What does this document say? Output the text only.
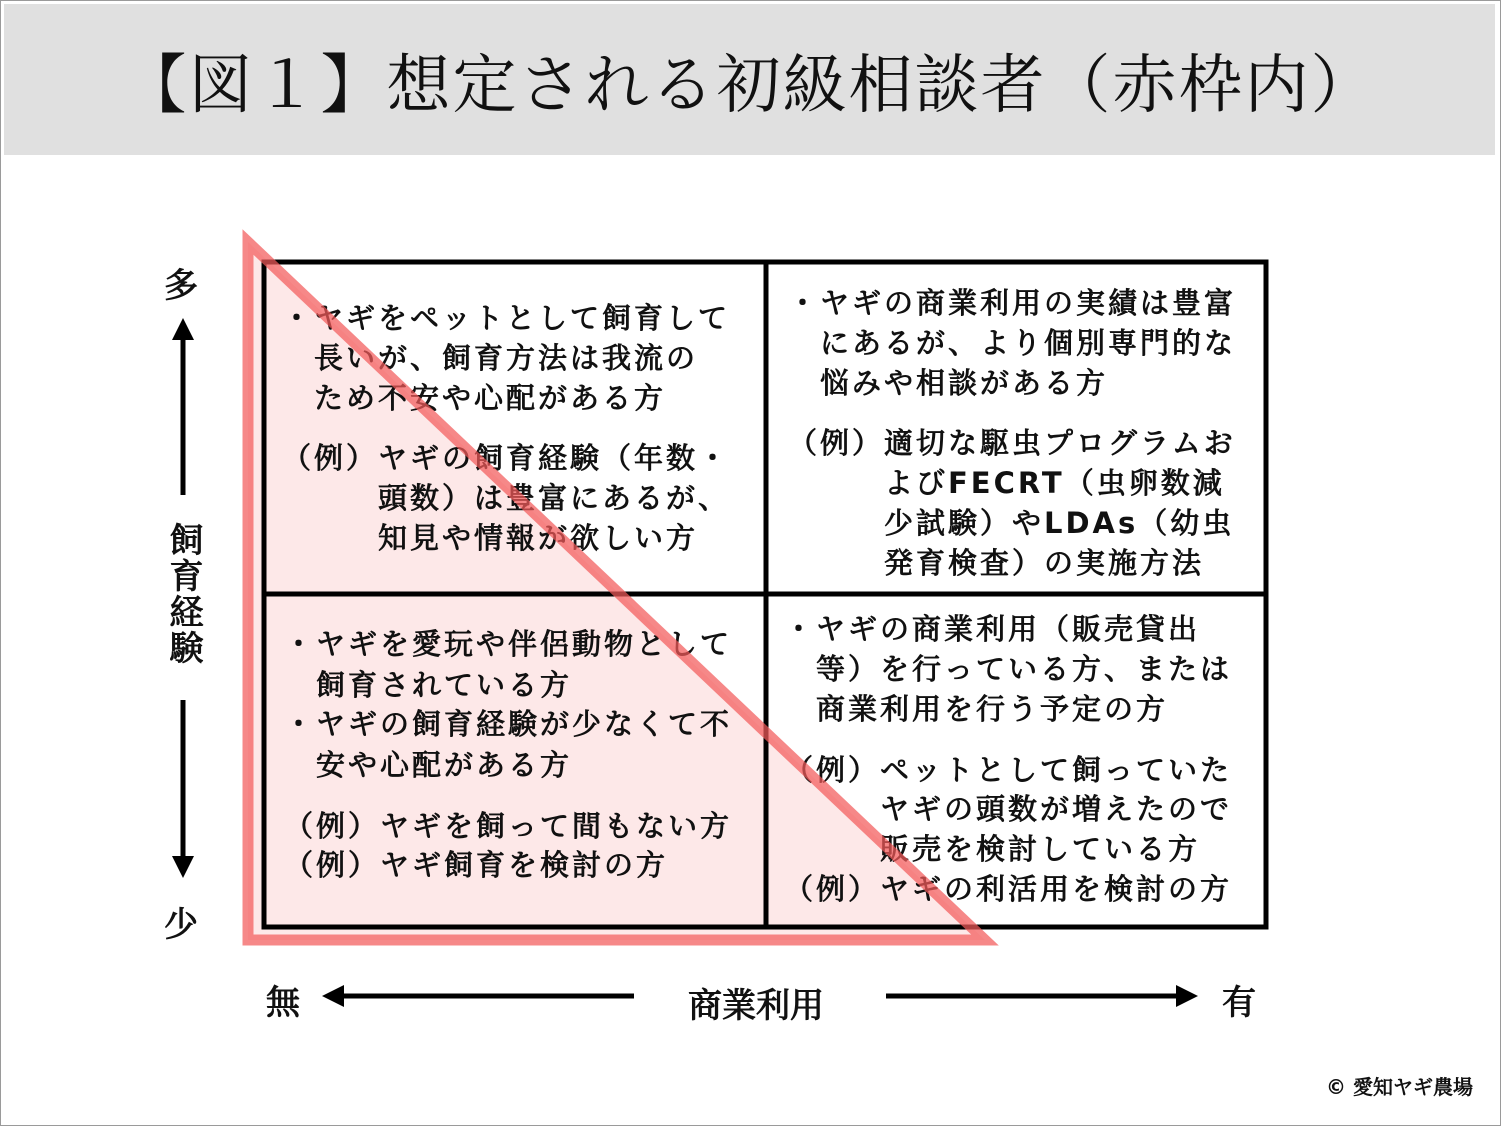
【図１】想定される初級相談者（赤枠内）
・ヤギをペットとして飼育して
　長いが、飼育方法は我流の
　ため不安や心配がある方
（例）ヤギの飼育経験（年数・
　　　頭数）は豊富にあるが、
　　　知見や情報が欲しい方
・ヤギの商業利用の実績は豊富
　にあるが、より個別専門的な
　悩みや相談がある方
（例）適切な駆虫プログラムお
　　　よびFECRT（虫卵数減
　　　少試験）やLDAs（幼虫
　　　発育検査）の実施方法
・ヤギを愛玩や伴侶動物として
　飼育されている方
・ヤギの飼育経験が少なくて不
　安や心配がある方
（例）ヤギを飼って間もない方
（例）ヤギ飼育を検討の方
・ヤギの商業利用（販売貸出
　等）を行っている方、または
　商業利用を行う予定の方
（例）ペットとして飼っていた
　　　ヤギの頭数が増えたので
　　　販売を検討している方
（例）ヤギの利活用を検討の方
多
飼育経験
少
無	商業利用	有
© 愛知ヤギ農場
